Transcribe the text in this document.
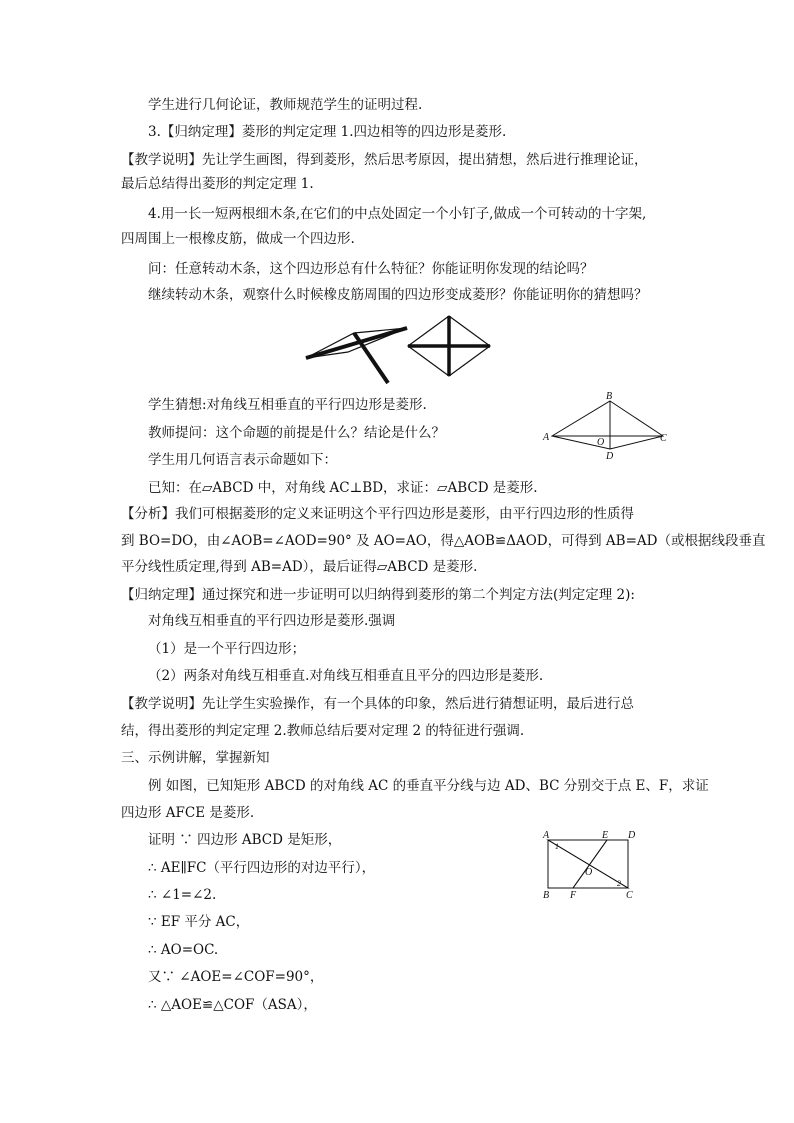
学生进行几何论证，教师规范学生的证明过程.
3.【归纳定理】菱形的判定定理 1.四边相等的四边形是菱形.
【教学说明】先让学生画图，得到菱形，然后思考原因，提出猜想，然后进行推理论证，
最后总结得出菱形的判定定理 1.
4.用一长一短两根细木条,在它们的中点处固定一个小钉子,做成一个可转动的十字架,
四周围上一根橡皮筋，做成一个四边形.
问：任意转动木条，这个四边形总有什么特征？你能证明你发现的结论吗？
继续转动木条，观察什么时候橡皮筋周围的四边形变成菱形？你能证明你的猜想吗？
学生猜想:对角线互相垂直的平行四边形是菱形.
教师提问：这个命题的前提是什么？结论是什么？
学生用几何语言表示命题如下：
已知：在▱ABCD 中，对角线 AC⊥BD，求证：▱ABCD 是菱形.
B
A	C
D
O
【分析】我们可根据菱形的定义来证明这个平行四边形是菱形，由平行四边形的性质得
到 BO=DO，由∠AOB=∠AOD=90° 及 AO=AO，得△AOB≌ΔAOD，可得到 AB=AD（或根据线段垂直
平分线性质定理,得到 AB=AD），最后证得▱ABCD 是菱形.
【归纳定理】通过探究和进一步证明可以归纳得到菱形的第二个判定方法(判定定理 2):
对角线互相垂直的平行四边形是菱形.强调
（1）是一个平行四边形；
（2）两条对角线互相垂直.对角线互相垂直且平分的四边形是菱形.
【教学说明】先让学生实验操作，有一个具体的印象，然后进行猜想证明，最后进行总
结，得出菱形的判定定理 2.教师总结后要对定理 2 的特征进行强调.
三、示例讲解，掌握新知
例 如图，已知矩形 ABCD 的对角线 AC 的垂直平分线与边 AD、BC 分别交于点 E、F，求证
四边形 AFCE 是菱形.
证明 ∵ 四边形 ABCD 是矩形，
∴ AE∥FC（平行四边形的对边平行），
∴ ∠1=∠2.
∵ EF 平分 AC，
∴ AO=OC.
又∵ ∠AOE=∠COF=90°，
∴ △AOE≌△COF（ASA），
A	E D
B F	C
O
1
2
